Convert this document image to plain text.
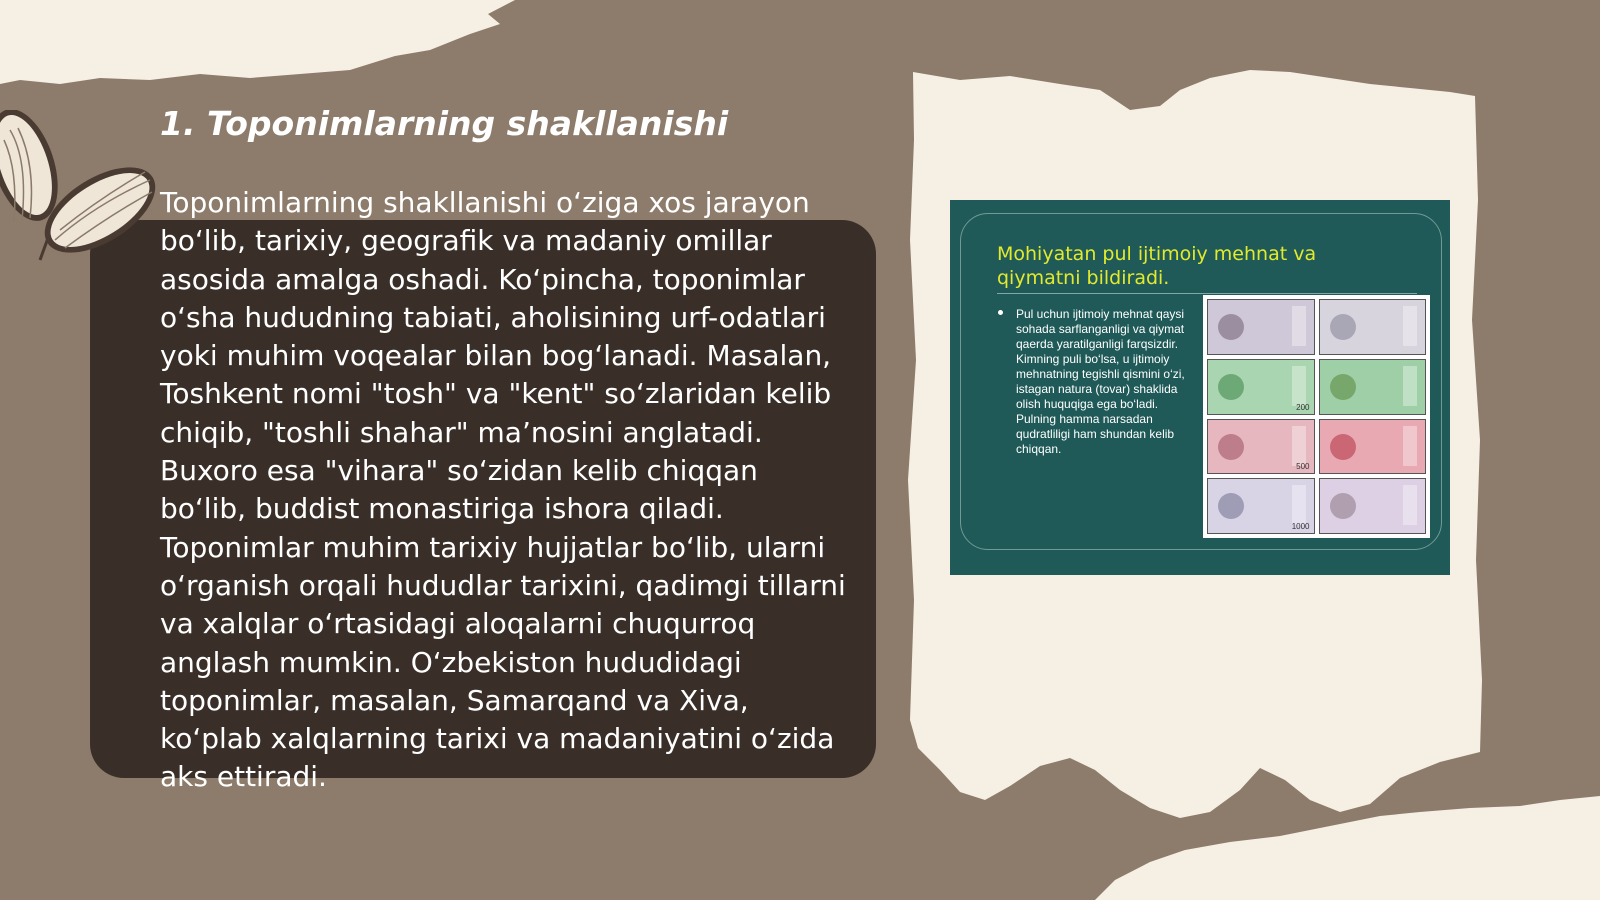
1. Toponimlarning shakllanishi

Toponimlarning shakllanishi o‘ziga xos jarayon bo‘lib, tarixiy, geografik va madaniy omillar asosida amalga oshadi. Ko‘pincha, toponimlar o‘sha hududning tabiati, aholisining urf-odatlari yoki muhim voqealar bilan bog‘lanadi. Masalan, Toshkent nomi "tosh" va "kent" so‘zlaridan kelib chiqib, "toshli shahar" ma’nosini anglatadi. Buxoro esa "vihara" so‘zidan kelib chiqqan bo‘lib, buddist monastiriga ishora qiladi. Toponimlar muhim tarixiy hujjatlar bo‘lib, ularni o‘rganish orqali hududlar tarixini, qadimgi tillarni va xalqlar o‘rtasidagi aloqalarni chuqurroq anglash mumkin. O‘zbekiston hududidagi toponimlar, masalan, Samarqand va Xiva, ko‘plab xalqlarning tarixi va madaniyatini o‘zida aks ettiradi.

Mohiyatan pul ijtimoiy mehnat va qiymatni bildiradi.

Pul uchun ijtimoiy mehnat qaysi sohada sarflanganligi va qiymat qaerda yaratilganligi farqsizdir. Kimning puli bo‘lsa, u ijtimoiy mehnatning tegishli qismini o‘zi, istagan natura (tovar) shaklida olish huquqiga ega bo‘ladi. Pulning hamma narsadan qudratliligi ham shundan kelib chiqqan.

200
500
1000
